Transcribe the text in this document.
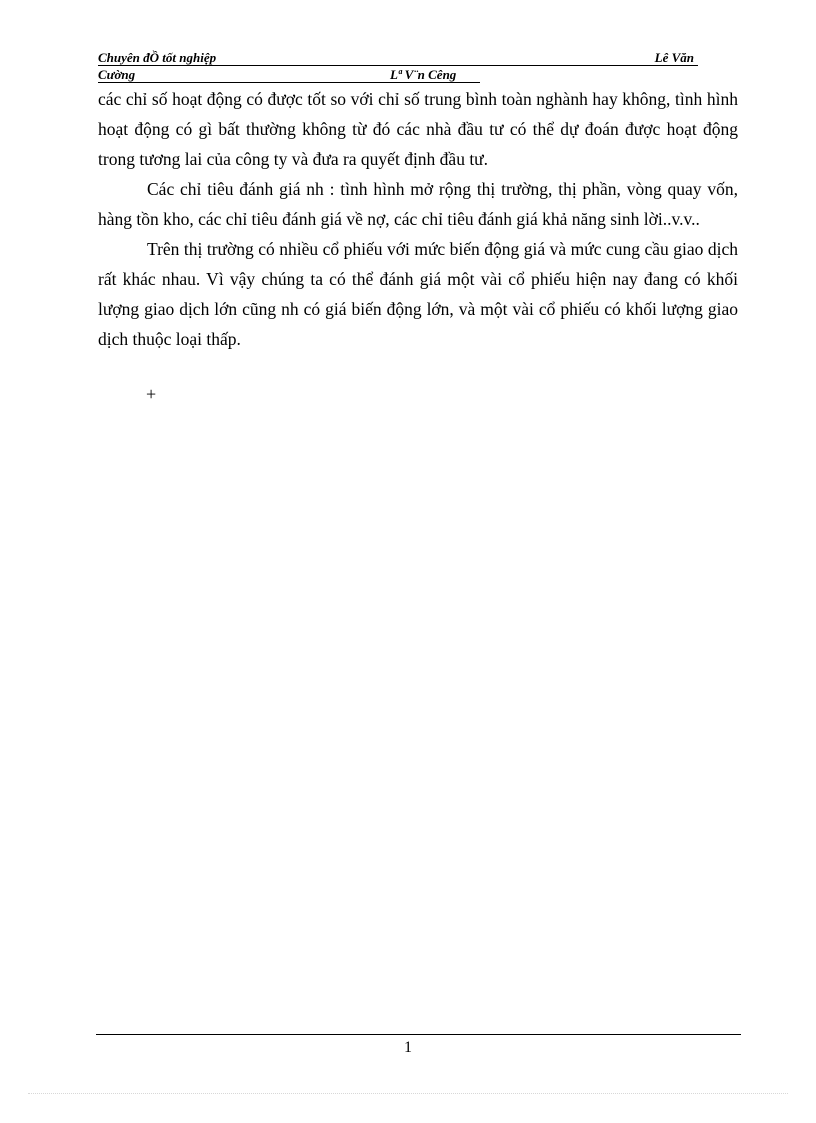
Chuyên đỒ tốt nghiệp	Lê Văn
Cường	Lª V¨n Cêng

các chỉ số hoạt động có được tốt so với chỉ số trung bình toàn nghành hay không, tình hình hoạt động có gì bất thường không từ đó các nhà đầu tư có thể dự đoán được hoạt động trong tương lai của công ty và đưa ra quyết định đầu tư.

Các chỉ tiêu đánh giá nh : tình hình mở rộng thị trường, thị phần, vòng quay vốn, hàng tồn kho, các chỉ tiêu đánh giá về nợ, các chỉ tiêu đánh giá khả năng sinh lời..v.v..

Trên thị trường có nhiều cổ phiếu với mức biến động giá và mức cung cầu giao dịch rất khác nhau. Vì vậy chúng ta có thể đánh giá một vài cổ phiếu hiện nay đang có khối lượng giao dịch lớn cũng nh có giá biến động lớn, và một vài cổ phiếu có khối lượng giao dịch thuộc loại thấp.

+
1
